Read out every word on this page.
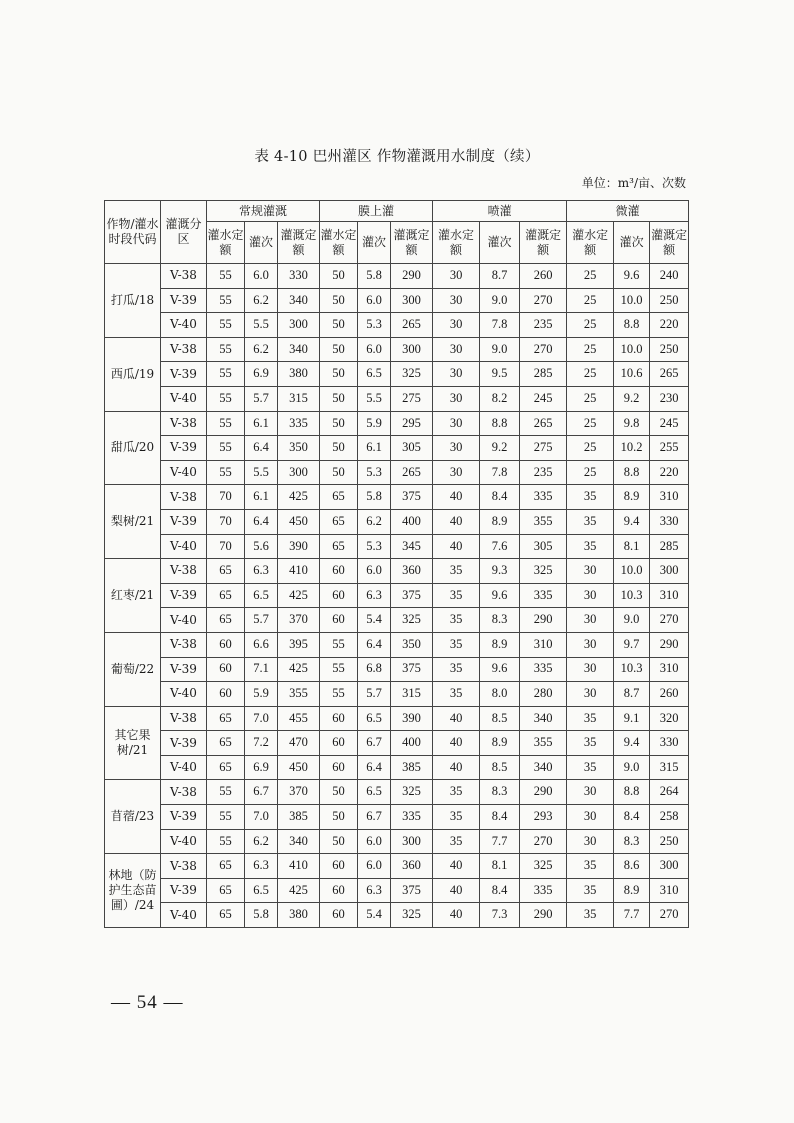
表 4-10 巴州灌区 作物灌溉用水制度（续）
单位：m³/亩、次数
作物/灌水时段代码	灌溉分区	常规灌溉			膜上灌			喷灌			微灌		
		灌水定额	灌次	灌溉定额	灌水定额	灌次	灌溉定额	灌水定额	灌次	灌溉定额	灌水定额	灌次	灌溉定额
打瓜/18	V-38	55	6.0	330	50	5.8	290	30	8.7	260	25	9.6	240
	V-39	55	6.2	340	50	6.0	300	30	9.0	270	25	10.0	250
	V-40	55	5.5	300	50	5.3	265	30	7.8	235	25	8.8	220
西瓜/19	V-38	55	6.2	340	50	6.0	300	30	9.0	270	25	10.0	250
	V-39	55	6.9	380	50	6.5	325	30	9.5	285	25	10.6	265
	V-40	55	5.7	315	50	5.5	275	30	8.2	245	25	9.2	230
甜瓜/20	V-38	55	6.1	335	50	5.9	295	30	8.8	265	25	9.8	245
	V-39	55	6.4	350	50	6.1	305	30	9.2	275	25	10.2	255
	V-40	55	5.5	300	50	5.3	265	30	7.8	235	25	8.8	220
梨树/21	V-38	70	6.1	425	65	5.8	375	40	8.4	335	35	8.9	310
	V-39	70	6.4	450	65	6.2	400	40	8.9	355	35	9.4	330
	V-40	70	5.6	390	65	5.3	345	40	7.6	305	35	8.1	285
红枣/21	V-38	65	6.3	410	60	6.0	360	35	9.3	325	30	10.0	300
	V-39	65	6.5	425	60	6.3	375	35	9.6	335	30	10.3	310
	V-40	65	5.7	370	60	5.4	325	35	8.3	290	30	9.0	270
葡萄/22	V-38	60	6.6	395	55	6.4	350	35	8.9	310	30	9.7	290
	V-39	60	7.1	425	55	6.8	375	35	9.6	335	30	10.3	310
	V-40	60	5.9	355	55	5.7	315	35	8.0	280	30	8.7	260
其它果树/21	V-38	65	7.0	455	60	6.5	390	40	8.5	340	35	9.1	320
	V-39	65	7.2	470	60	6.7	400	40	8.9	355	35	9.4	330
	V-40	65	6.9	450	60	6.4	385	40	8.5	340	35	9.0	315
苜蓿/23	V-38	55	6.7	370	50	6.5	325	35	8.3	290	30	8.8	264
	V-39	55	7.0	385	50	6.7	335	35	8.4	293	30	8.4	258
	V-40	55	6.2	340	50	6.0	300	35	7.7	270	30	8.3	250
林地（防护生态苗圃）/24	V-38	65	6.3	410	60	6.0	360	40	8.1	325	35	8.6	300
	V-39	65	6.5	425	60	6.3	375	40	8.4	335	35	8.9	310
	V-40	65	5.8	380	60	5.4	325	40	7.3	290	35	7.7	270
— 54 —
